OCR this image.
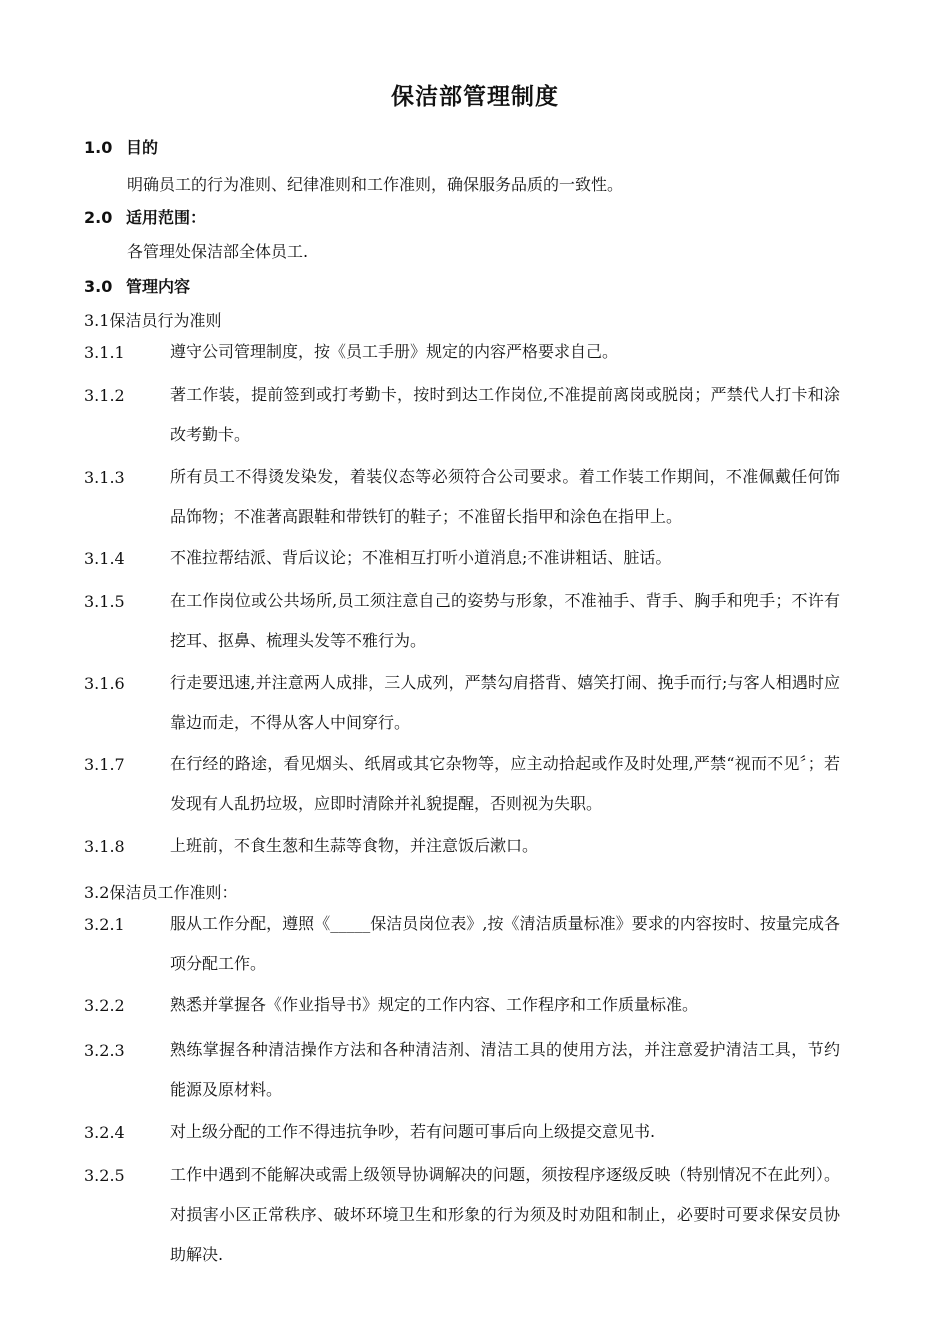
保洁部管理制度
1.0 目的
明确员工的行为准则、纪律准则和工作准则，确保服务品质的一致性。
2.0 适用范围：
各管理处保洁部全体员工.
3.0 管理内容
3.1保洁员行为准则
3.1.1	遵守公司管理制度，按《员工手册》规定的内容严格要求自己。
3.1.2	著工作装，提前签到或打考勤卡，按时到达工作岗位,不准提前离岗或脱岗；严禁代人打卡和涂改考勤卡。
3.1.3	所有员工不得烫发染发，着装仪态等必须符合公司要求。着工作装工作期间，不准佩戴任何饰品饰物；不准著高跟鞋和带铁钉的鞋子；不准留长指甲和涂色在指甲上。
3.1.4	不准拉帮结派、背后议论；不准相互打听小道消息;不准讲粗话、脏话。
3.1.5	在工作岗位或公共场所,员工须注意自己的姿势与形象，不准袖手、背手、胸手和兜手；不许有挖耳、抠鼻、梳理头发等不雅行为。
3.1.6	行走要迅速,并注意两人成排，三人成列，严禁勾肩搭背、嬉笑打闹、挽手而行;与客人相遇时应靠边而走，不得从客人中间穿行。
3.1.7	在行经的路途，看见烟头、纸屑或其它杂物等，应主动拾起或作及时处理,严禁“视而不见〞；若发现有人乱扔垃圾，应即时清除并礼貌提醒，否则视为失职。
3.1.8	上班前，不食生葱和生蒜等食物，并注意饭后漱口。
3.2保洁员工作准则：
3.2.1	服从工作分配，遵照《_____保洁员岗位表》,按《清洁质量标准》要求的内容按时、按量完成各项分配工作。
3.2.2	熟悉并掌握各《作业指导书》规定的工作内容、工作程序和工作质量标准。
3.2.3	熟练掌握各种清洁操作方法和各种清洁剂、清洁工具的使用方法，并注意爱护清洁工具，节约能源及原材料。
3.2.4	对上级分配的工作不得违抗争吵，若有问题可事后向上级提交意见书.
3.2.5	工作中遇到不能解决或需上级领导协调解决的问题，须按程序逐级反映（特别情况不在此列）。对损害小区正常秩序、破坏环境卫生和形象的行为须及时劝阻和制止，必要时可要求保安员协助解决.
